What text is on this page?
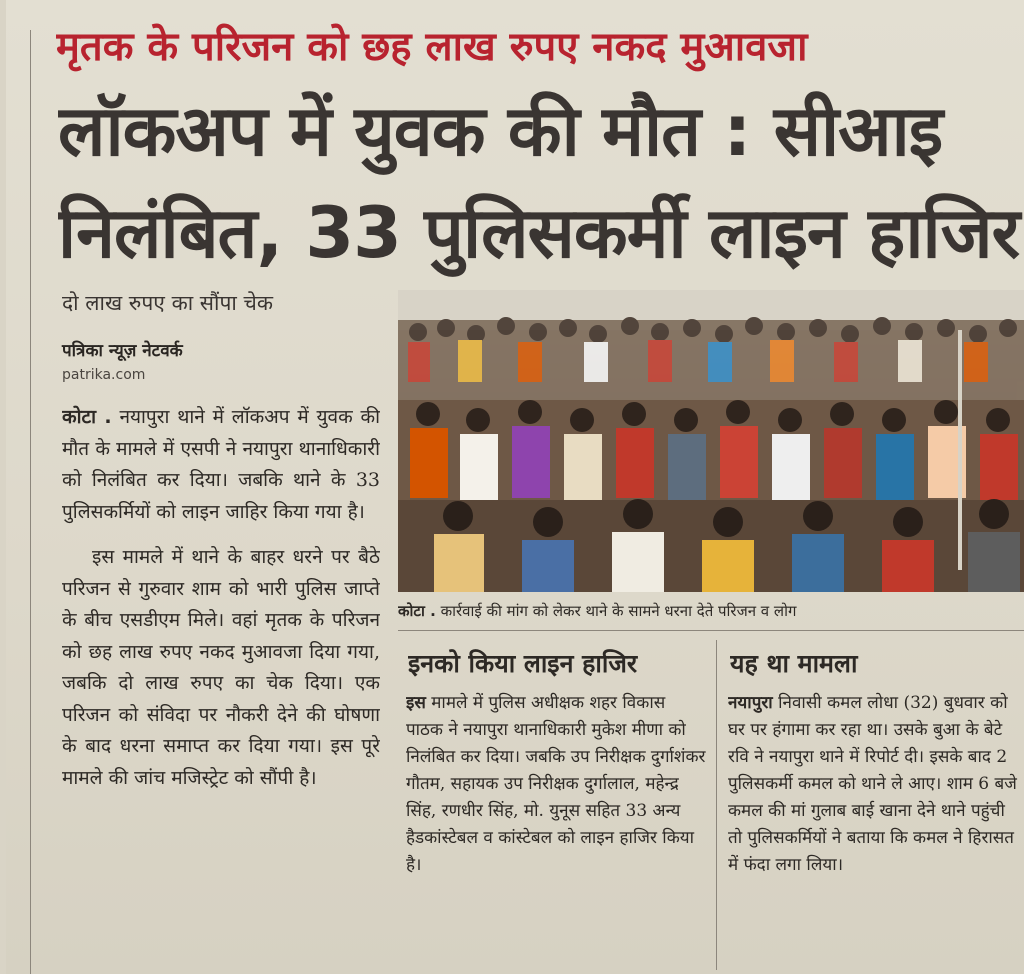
मृतक के परिजन को छह लाख रुपए नकद मुआवजा
लॉकअप में युवक की मौत : सीआइ
निलंबित, 33 पुलिसकर्मी लाइन हाजिर
दो लाख रुपए का सौंपा चेक
पत्रिका न्यूज़ नेटवर्क
patrika.com

कोटा . नयापुरा थाने में लॉकअप में युवक की मौत के मामले में एसपी ने नयापुरा थानाधिकारी को निलंबित कर दिया। जबकि थाने के 33 पुलिसकर्मियों को लाइन जाहिर किया गया है।

इस मामले में थाने के बाहर धरने पर बैठे परिजन से गुरुवार शाम को भारी पुलिस जाप्ते के बीच एसडीएम मिले। वहां मृतक के परिजन को छह लाख रुपए नकद मुआवजा दिया गया, जबकि दो लाख रुपए का चेक दिया। एक परिजन को संविदा पर नौकरी देने की घोषणा के बाद धरना समाप्त कर दिया गया। इस पूरे मामले की जांच मजिस्ट्रेट को सौंपी है।

कोटा . कार्रवाई की मांग को लेकर थाने के सामने धरना देते परिजन व लोग
इनको किया लाइन हाजिर
इस मामले में पुलिस अधीक्षक शहर विकास पाठक ने नयापुरा थानाधिकारी मुकेश मीणा को निलंबित कर दिया। जबकि उप निरीक्षक दुर्गाशंकर गौतम, सहायक उप निरीक्षक दुर्गालाल, महेन्द्र सिंह, रणधीर सिंह, मो. युनूस सहित 33 अन्य हैडकांस्टेबल व कांस्टेबल को लाइन हाजिर किया है।
यह था मामला
नयापुरा निवासी कमल लोधा (32) बुधवार को घर पर हंगामा कर रहा था। उसके बुआ के बेटे रवि ने नयापुरा थाने में रिपोर्ट दी। इसके बाद 2 पुलिसकर्मी कमल को थाने ले आए। शाम 6 बजे कमल की मां गुलाब बाई खाना देने थाने पहुंची तो पुलिसकर्मियों ने बताया कि कमल ने हिरासत में फंदा लगा लिया।
